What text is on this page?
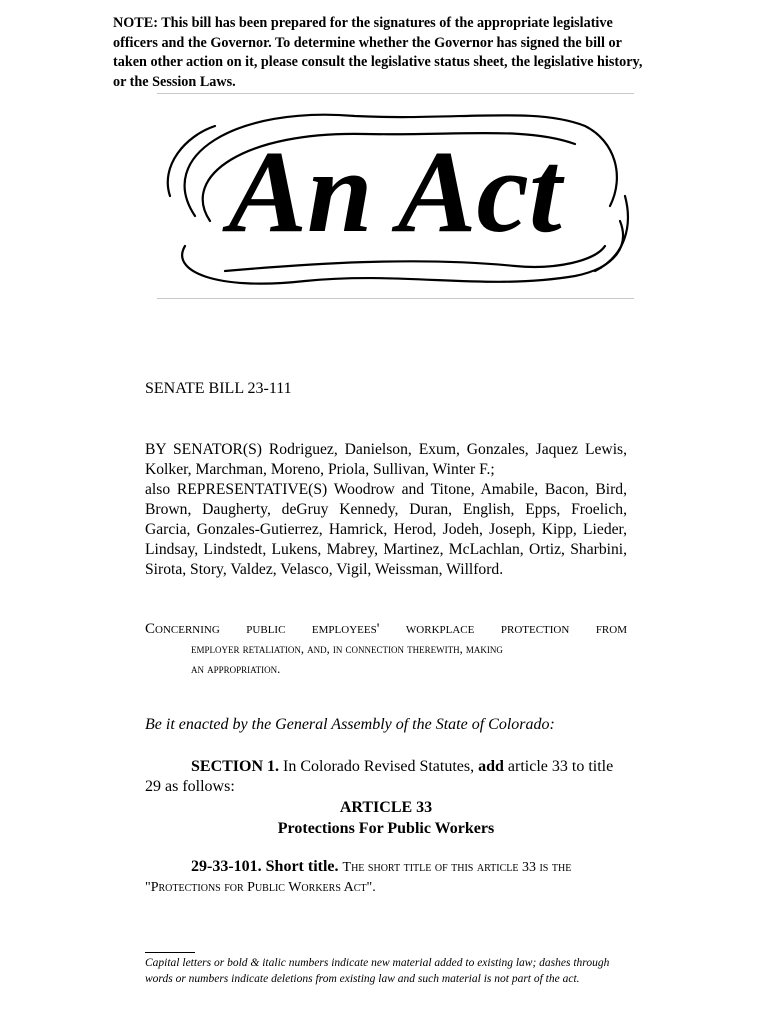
NOTE: This bill has been prepared for the signatures of the appropriate legislative officers and the Governor. To determine whether the Governor has signed the bill or taken other action on it, please consult the legislative status sheet, the legislative history, or the Session Laws.
An Act
SENATE BILL 23-111
BY SENATOR(S) Rodriguez, Danielson, Exum, Gonzales, Jaquez Lewis,
Kolker, Marchman, Moreno, Priola, Sullivan, Winter F.;
also REPRESENTATIVE(S) Woodrow and Titone, Amabile, Bacon, Bird,
Brown, Daugherty, deGruy Kennedy, Duran, English, Epps, Froelich,
Garcia, Gonzales-Gutierrez, Hamrick, Herod, Jodeh, Joseph, Kipp, Lieder,
Lindsay, Lindstedt, Lukens, Mabrey, Martinez, McLachlan, Ortiz, Sharbini,
Sirota, Story, Valdez, Velasco, Vigil, Weissman, Willford.
Concerning public employees' workplace protection from
employer retaliation, and, in connection therewith, making
an appropriation.
Be it enacted by the General Assembly of the State of Colorado:
SECTION 1. In Colorado Revised Statutes, add article 33 to title
29 as follows:
ARTICLE 33
Protections For Public Workers
29-33-101. Short title. The short title of this article 33 is the
"Protections for Public Workers Act".
Capital letters or bold & italic numbers indicate new material added to existing law; dashes through words or numbers indicate deletions from existing law and such material is not part of the act.
